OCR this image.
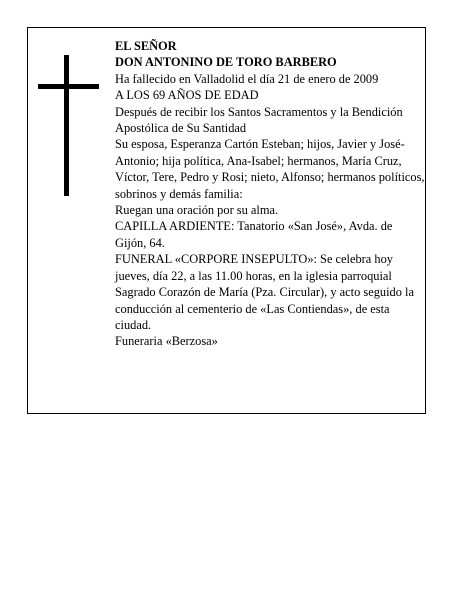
EL SEÑOR

DON ANTONINO DE TORO BARBERO

Ha fallecido en Valladolid el día 21 de enero de 2009

A LOS 69 AÑOS DE EDAD

Después de recibir los Santos Sacramentos y la Bendición Apostólica de Su Santidad

Su esposa, Esperanza Cartón Esteban; hijos, Javier y José-Antonio; hija política, Ana-Isabel; hermanos, María Cruz, Víctor, Tere, Pedro y Rosi; nieto, Alfonso; hermanos políticos, sobrinos y demás familia:

Ruegan una oración por su alma.

CAPILLA ARDIENTE: Tanatorio «San José», Avda. de Gijón, 64.

FUNERAL «CORPORE INSEPULTO»: Se celebra hoy jueves, día 22, a las 11.00 horas, en la iglesia parroquial Sagrado Corazón de María (Pza. Circular), y acto seguido la conducción al cementerio de «Las Contiendas», de esta ciudad.

Funeraria «Berzosa»
